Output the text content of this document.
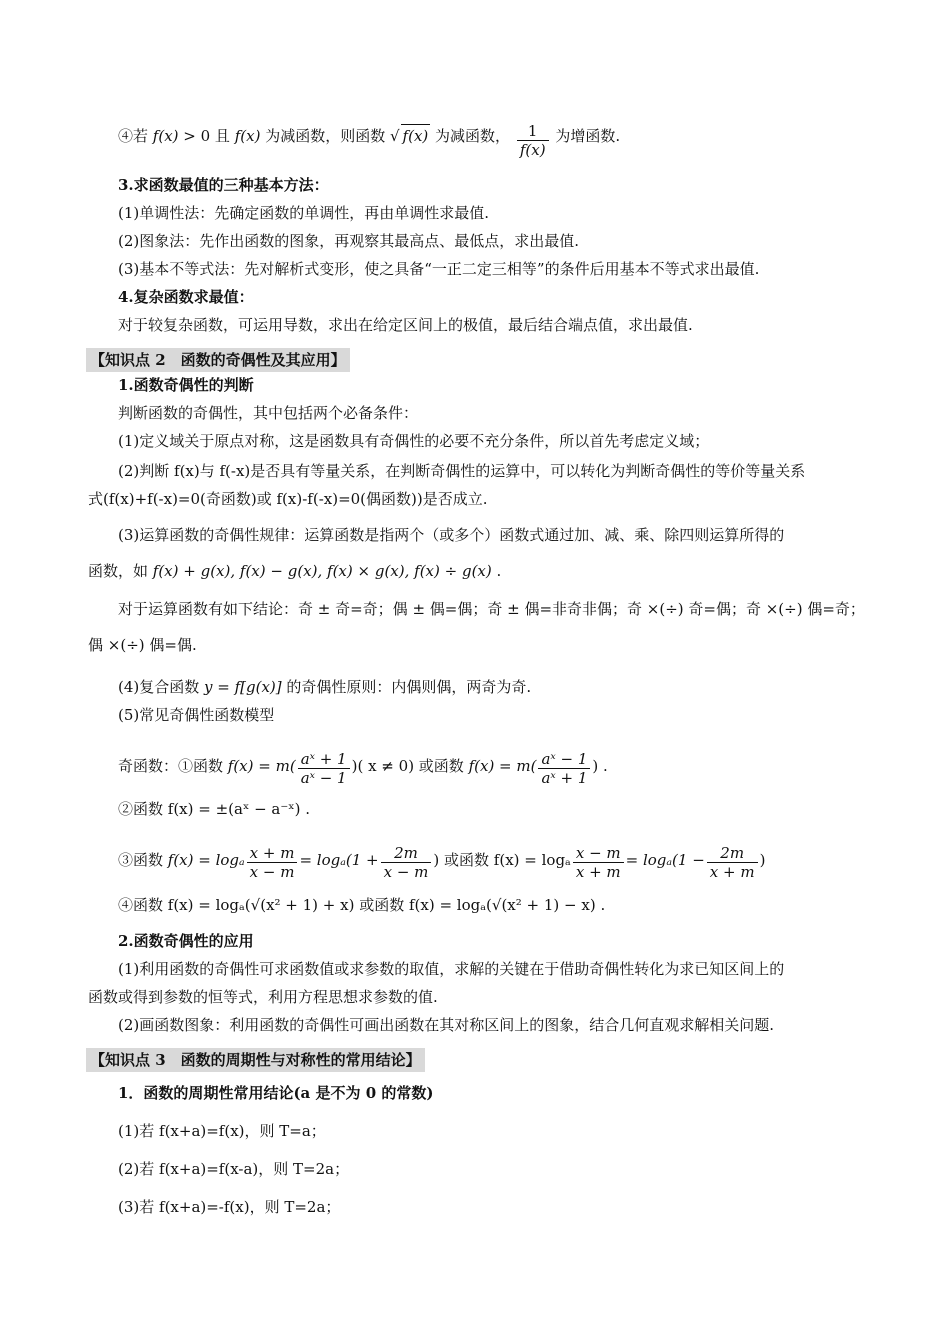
④若 f(x) > 0 且 f(x) 为减函数，则函数 √ f(x) 为减函数， $\frac{1}{f(x)}$ 为增函数.
3.求函数最值的三种基本方法：
(1)单调性法：先确定函数的单调性，再由单调性求最值.
(2)图象法：先作出函数的图象，再观察其最高点、最低点，求出最值.
(3)基本不等式法：先对解析式变形，使之具备“一正二定三相等”的条件后用基本不等式求出最值.
4.复杂函数求最值：
对于较复杂函数，可运用导数，求出在给定区间上的极值，最后结合端点值，求出最值.
【知识点 2　函数的奇偶性及其应用】
1.函数奇偶性的判断
判断函数的奇偶性，其中包括两个必备条件：
(1)定义域关于原点对称，这是函数具有奇偶性的必要不充分条件，所以首先考虑定义域；
(2)判断 f(x)与 f(-x)是否具有等量关系，在判断奇偶性的运算中，可以转化为判断奇偶性的等价等量关系
式(f(x)+f(-x)=0(奇函数)或 f(x)-f(-x)=0(偶函数))是否成立.
(3)运算函数的奇偶性规律：运算函数是指两个（或多个）函数式通过加、减、乘、除四则运算所得的
函数，如 f(x) + g(x), f(x) − g(x), f(x) × g(x), f(x) ÷ g(x) .
对于运算函数有如下结论：奇 ± 奇=奇；偶 ± 偶=偶；奇 ± 偶=非奇非偶；奇 ×(÷) 奇=偶；奇 ×(÷) 偶=奇；
偶 ×(÷) 偶=偶.
(4)复合函数 y = f[g(x)] 的奇偶性原则：内偶则偶，两奇为奇.
(5)常见奇偶性函数模型
奇函数：①函数 $f(x) = m( \frac{\text{aˣ + 1}}{\text{aˣ − 1}}$ )( x ≠ 0) 或函数 $f(x) = m( \frac{\text{aˣ − 1}}{\text{aˣ + 1}}$ ) .
②函数 f(x) = ±(aˣ − a⁻ˣ) .
③函数 f(x) = logₐ $\frac{x + m}{x - m} = \log_a(1 + \frac{2m}{x - m}$ ) 或函数 f(x) = logₐ $\frac{x - m}{x + m} = \log_a(1 - \frac{2m}{x + m}$ )
④函数 f(x) = logₐ(√(x² + 1) + x) 或函数 f(x) = logₐ(√(x² + 1) − x) .
2.函数奇偶性的应用
(1)利用函数的奇偶性可求函数值或求参数的取值，求解的关键在于借助奇偶性转化为求已知区间上的
函数或得到参数的恒等式，利用方程思想求参数的值.
(2)画函数图象：利用函数的奇偶性可画出函数在其对称区间上的图象，结合几何直观求解相关问题.
【知识点 3　函数的周期性与对称性的常用结论】
1．函数的周期性常用结论(a 是不为 0 的常数)
(1)若 f(x+a)=f(x)，则 T=a；
(2)若 f(x+a)=f(x-a)，则 T=2a；
(3)若 f(x+a)=-f(x)，则 T=2a；
